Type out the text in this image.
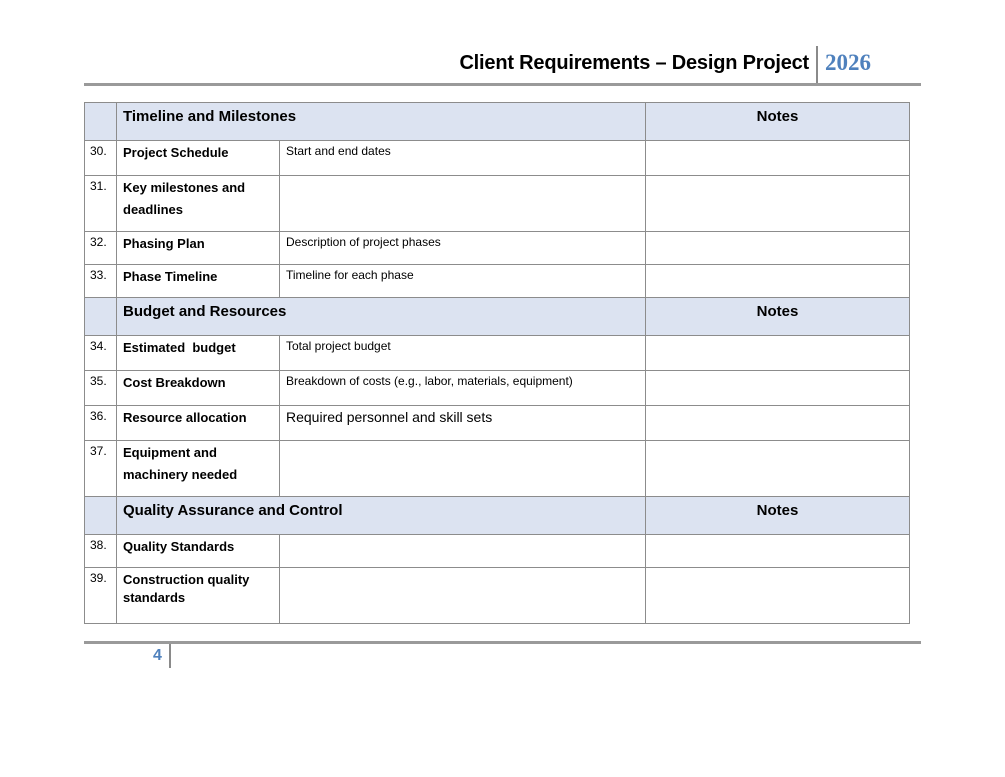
Client Requirements – Design Project 2026
	Timeline and Milestones		Notes
30.	Project Schedule	Start and end dates	
31.	Key milestones and deadlines		
32.	Phasing Plan	Description of project phases	
33.	Phase Timeline	Timeline for each phase	
	Budget and Resources		Notes
34.	Estimated  budget	Total project budget	
35.	Cost Breakdown	Breakdown of costs (e.g., labor, materials, equipment)	
36.	Resource allocation	Required personnel and skill sets	
37.	Equipment and machinery needed		
	Quality Assurance and Control		Notes
38.	Quality Standards		
39.	Construction quality standards		
4
